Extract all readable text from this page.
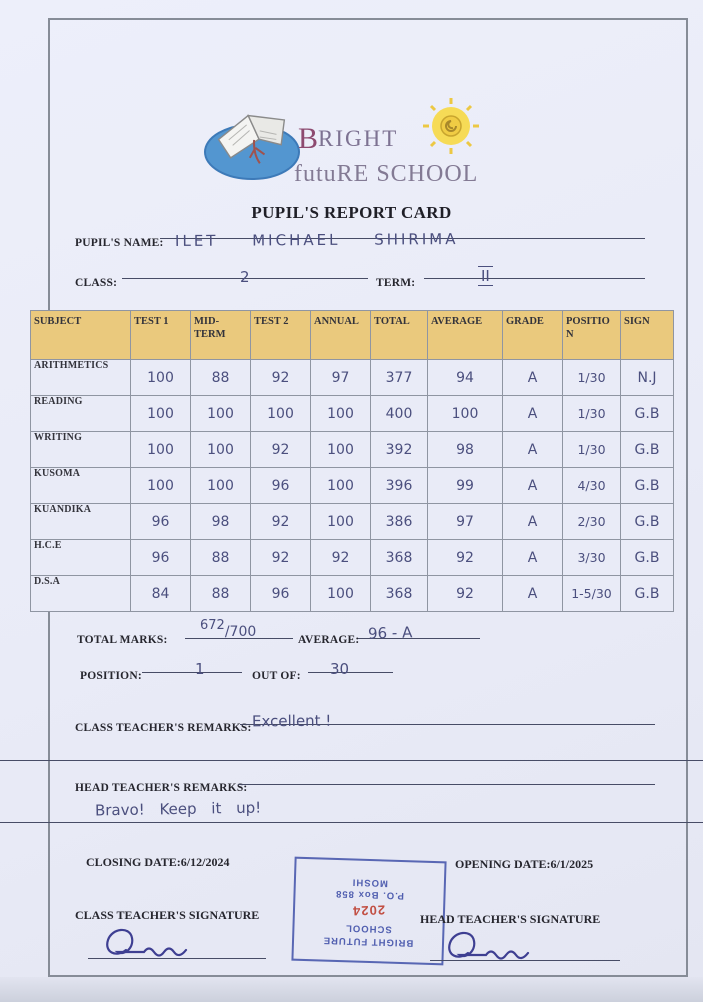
B RIGHT
futuRE SCHOOL
PUPIL'S REPORT CARD
PUPIL'S NAME: ILET MICHAEL SHIRIMA
CLASS:	2	TERM:	II
SUBJECT	TEST 1	MID-TERM	TEST 2	ANNUAL	TOTAL	AVERAGE	GRADE	POSITION	SIGN
ARITHMETICS	100	88	92	97	377	94	A	1/30	N.J
READING	100	100	100	100	400	100	A	1/30	G.B
WRITING	100	100	92	100	392	98	A	1/30	G.B
KUSOMA	100	100	96	100	396	99	A	4/30	G.B
KUANDIKA	96	98	92	100	386	97	A	2/30	G.B
H.C.E	96	88	92	92	368	92	A	3/30	G.B
D.S.A	84	88	96	100	368	92	A	1-5/30	G.B
TOTAL MARKS:
672/700	AVERAGE: 96 - A
POSITION:	1	OUT OF: 30
CLASS TEACHER'S REMARKS: Excellent !
HEAD TEACHER'S REMARKS:
Bravo! Keep it up!
CLOSING DATE:6/12/2024	OPENING DATE:6/1/2025
BRIGHT FUTURE
SCHOOL
2024
P.O. Box 858
MOSHI
CLASS TEACHER'S SIGNATURE	HEAD TEACHER'S SIGNATURE
